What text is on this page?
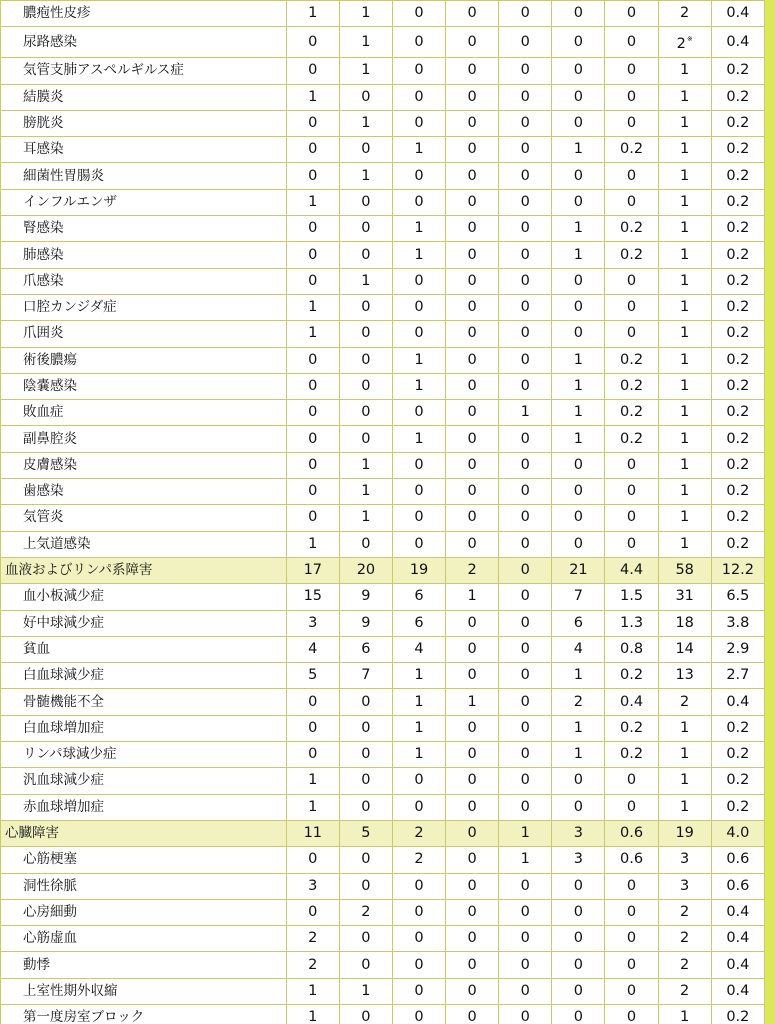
膿疱性皮疹	1	1	0	0	0	0	0	2	0.4
尿路感染	0	1	0	0	0	0	0	2※	0.4
気管支肺アスペルギルス症	0	1	0	0	0	0	0	1	0.2
結膜炎	1	0	0	0	0	0	0	1	0.2
膀胱炎	0	1	0	0	0	0	0	1	0.2
耳感染	0	0	1	0	0	1	0.2	1	0.2
細菌性胃腸炎	0	1	0	0	0	0	0	1	0.2
インフルエンザ	1	0	0	0	0	0	0	1	0.2
腎感染	0	0	1	0	0	1	0.2	1	0.2
肺感染	0	0	1	0	0	1	0.2	1	0.2
爪感染	0	1	0	0	0	0	0	1	0.2
口腔カンジダ症	1	0	0	0	0	0	0	1	0.2
爪囲炎	1	0	0	0	0	0	0	1	0.2
術後膿瘍	0	0	1	0	0	1	0.2	1	0.2
陰嚢感染	0	0	1	0	0	1	0.2	1	0.2
敗血症	0	0	0	0	1	1	0.2	1	0.2
副鼻腔炎	0	0	1	0	0	1	0.2	1	0.2
皮膚感染	0	1	0	0	0	0	0	1	0.2
歯感染	0	1	0	0	0	0	0	1	0.2
気管炎	0	1	0	0	0	0	0	1	0.2
上気道感染	1	0	0	0	0	0	0	1	0.2
血液およびリンパ系障害	17	20	19	2	0	21	4.4	58	12.2
血小板減少症	15	9	6	1	0	7	1.5	31	6.5
好中球減少症	3	9	6	0	0	6	1.3	18	3.8
貧血	4	6	4	0	0	4	0.8	14	2.9
白血球減少症	5	7	1	0	0	1	0.2	13	2.7
骨髄機能不全	0	0	1	1	0	2	0.4	2	0.4
白血球増加症	0	0	1	0	0	1	0.2	1	0.2
リンパ球減少症	0	0	1	0	0	1	0.2	1	0.2
汎血球減少症	1	0	0	0	0	0	0	1	0.2
赤血球増加症	1	0	0	0	0	0	0	1	0.2
心臓障害	11	5	2	0	1	3	0.6	19	4.0
心筋梗塞	0	0	2	0	1	3	0.6	3	0.6
洞性徐脈	3	0	0	0	0	0	0	3	0.6
心房細動	0	2	0	0	0	0	0	2	0.4
心筋虚血	2	0	0	0	0	0	0	2	0.4
動悸	2	0	0	0	0	0	0	2	0.4
上室性期外収縮	1	1	0	0	0	0	0	2	0.4
第一度房室ブロック	1	0	0	0	0	0	0	1	0.2
